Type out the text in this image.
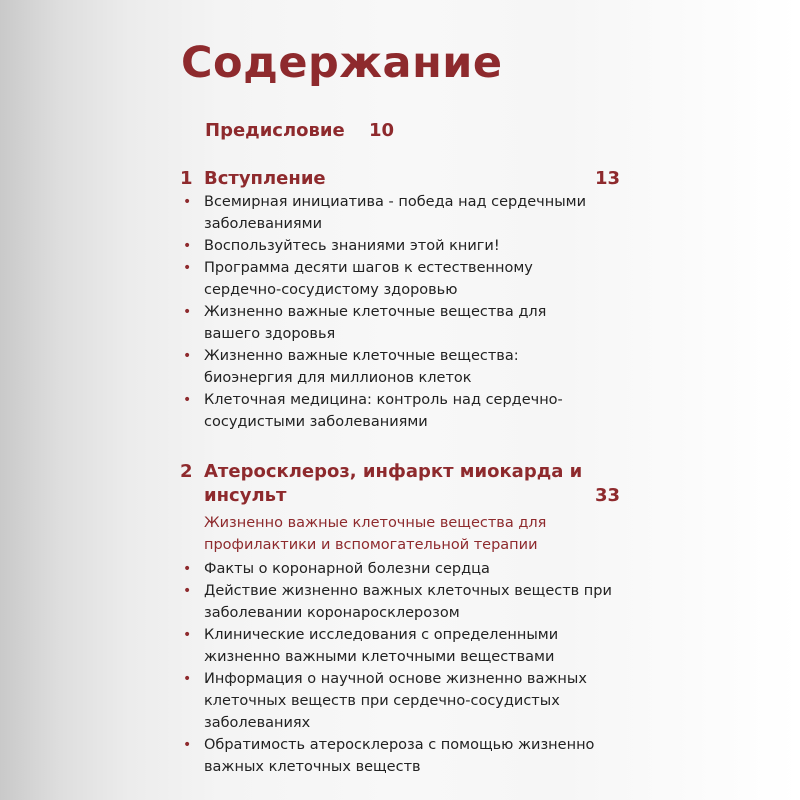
Содержание
Предисловие 10
1 Вступление	13
• Всемирная инициатива - победа над сердечными заболеваниями
• Воспользуйтесь знаниями этой книги!
• Программа десяти шагов к естественному сердечно-сосудистому здоровью
• Жизненно важные клеточные вещества для вашего здоровья
• Жизненно важные клеточные вещества: биоэнергия для миллионов клеток
• Клеточная медицина: контроль над сердечно-сосудистыми заболеваниями
2 Атеросклероз, инфаркт миокарда и инсульт	33
Жизненно важные клеточные вещества для профилактики и вспомогательной терапии
• Факты о коронарной болезни сердца
• Действие жизненно важных клеточных веществ при заболевании коронаросклерозом
• Клинические исследования с определенными жизненно важными клеточными веществами
• Информация о научной основе жизненно важных клеточных веществ при сердечно-сосудистых заболеваниях
• Обратимость атеросклероза с помощью жизненно важных клеточных веществ
